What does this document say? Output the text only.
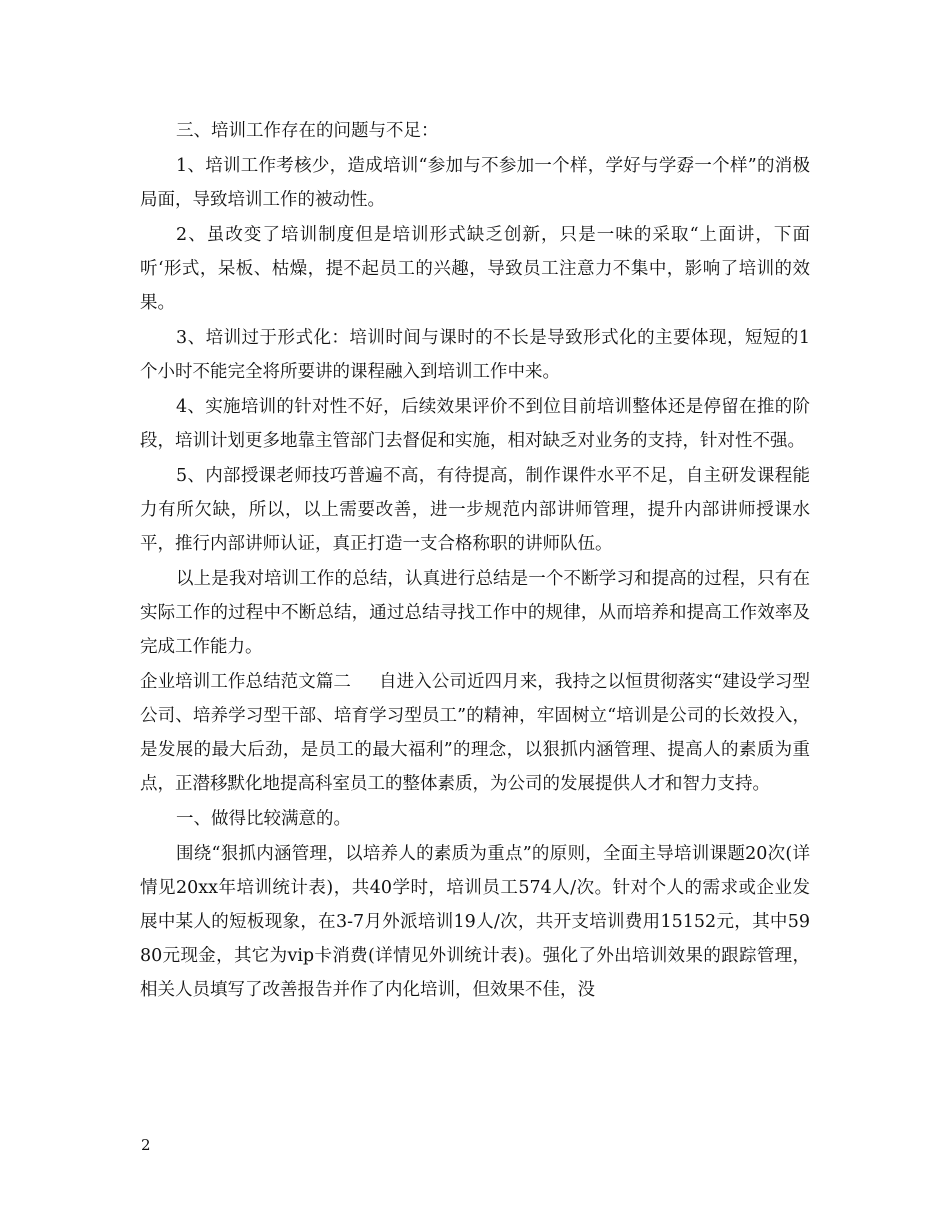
三、培训工作存在的问题与不足：

1、培训工作考核少，造成培训“参加与不参加一个样，学好与学孬一个样”的消极局面，导致培训工作的被动性。

2、虽改变了培训制度但是培训形式缺乏创新，只是一味的采取“上面讲，下面听‘形式，呆板、枯燥，提不起员工的兴趣，导致员工注意力不集中，影响了培训的效果。

3、培训过于形式化：培训时间与课时的不长是导致形式化的主要体现，短短的1个小时不能完全将所要讲的课程融入到培训工作中来。

4、实施培训的针对性不好，后续效果评价不到位目前培训整体还是停留在推的阶段，培训计划更多地靠主管部门去督促和实施，相对缺乏对业务的支持，针对性不强。

5、内部授课老师技巧普遍不高，有待提高，制作课件水平不足，自主研发课程能力有所欠缺，所以，以上需要改善，进一步规范内部讲师管理，提升内部讲师授课水平，推行内部讲师认证，真正打造一支合格称职的讲师队伍。

以上是我对培训工作的总结，认真进行总结是一个不断学习和提高的过程，只有在实际工作的过程中不断总结，通过总结寻找工作中的规律，从而培养和提高工作效率及完成工作能力。

企业培训工作总结范文篇二 自进入公司近四月来，我持之以恒贯彻落实“建设学习型公司、培养学习型干部、培育学习型员工”的精神，牢固树立“培训是公司的长效投入，是发展的最大后劲，是员工的最大福利”的理念，以狠抓内涵管理、提高人的素质为重点，正潜移默化地提高科室员工的整体素质，为公司的发展提供人才和智力支持。

一、做得比较满意的。

围绕“狠抓内涵管理，以培养人的素质为重点”的原则，全面主导培训课题20次(详情见20xx年培训统计表)，共40学时，培训员工574人/次。针对个人的需求或企业发展中某人的短板现象，在3-7月外派培训19人/次，共开支培训费用15152元，其中5980元现金，其它为vip卡消费(详情见外训统计表)。强化了外出培训效果的跟踪管理，相关人员填写了改善报告并作了内化培训，但效果不佳，没

2
